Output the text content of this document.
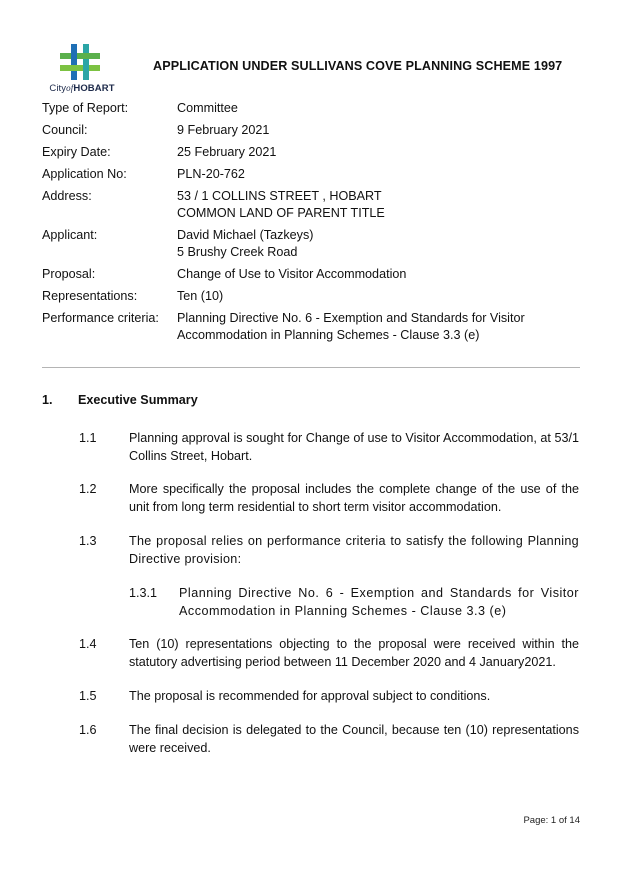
CityofHOBART
APPLICATION UNDER SULLIVANS COVE PLANNING SCHEME 1997
Type of Report:	Committee
Council:	9 February 2021
Expiry Date:	25 February 2021
Application No:	PLN-20-762
Address:	53 / 1 COLLINS STREET , HOBART
COMMON LAND OF PARENT TITLE
Applicant:	David Michael (Tazkeys)
5 Brushy Creek Road
Proposal:	Change of Use to Visitor Accommodation
Representations:	Ten (10)
Performance criteria:	Planning Directive No. 6 - Exemption and Standards for Visitor
Accommodation in Planning Schemes - Clause 3.3 (e)
1. Executive Summary
1.1	Planning approval is sought for Change of use to Visitor Accommodation, at 53/1 Collins Street, Hobart.
1.2	More specifically the proposal includes the complete change of the use of the unit from long term residential to short term visitor accommodation.
1.3	The proposal relies on performance criteria to satisfy the following Planning Directive provision:
1.3.1 Planning Directive No. 6 - Exemption and Standards for Visitor Accommodation in Planning Schemes - Clause 3.3 (e)
1.4	Ten (10) representations objecting to the proposal were received within the statutory advertising period between 11 December 2020 and 4 January2021.
1.5	The proposal is recommended for approval subject to conditions.
1.6	The final decision is delegated to the Council, because ten (10) representations were received.
Page: 1 of 14
